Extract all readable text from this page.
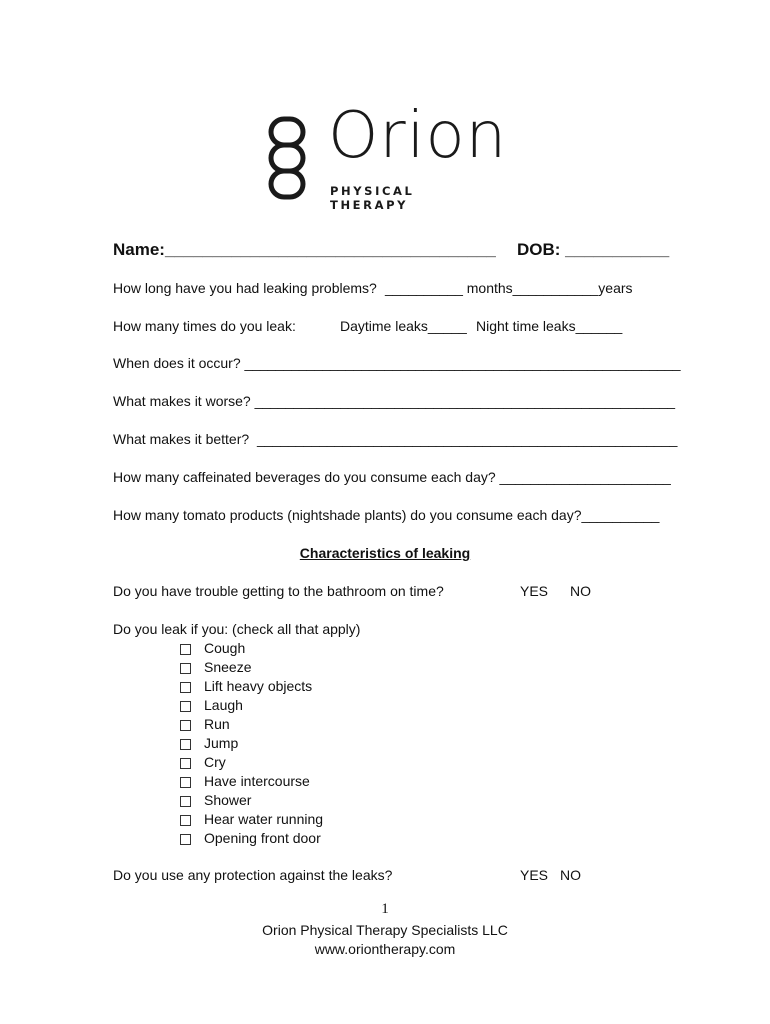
Orion
PHYSICAL THERAPY
Name:___________________________________ DOB: ___________
How long have you had leaking problems? __________ months___________years
How many times do you leak:	Daytime leaks_____ Night time leaks______
When does it occur? ________________________________________________________
What makes it worse? ______________________________________________________
What makes it better?  ______________________________________________________
How many caffeinated beverages do you consume each day? ______________________
How many tomato products (nightshade plants) do you consume each day?__________
Characteristics of leaking
Do you have trouble getting to the bathroom on time?	YES NO
Do you leak if you: (check all that apply)
Cough
Sneeze
Lift heavy objects
Laugh
Run
Jump
Cry
Have intercourse
Shower
Hear water running
Opening front door
Do you use any protection against the leaks?	YES NO
1
Orion Physical Therapy Specialists LLC
www.oriontherapy.com
